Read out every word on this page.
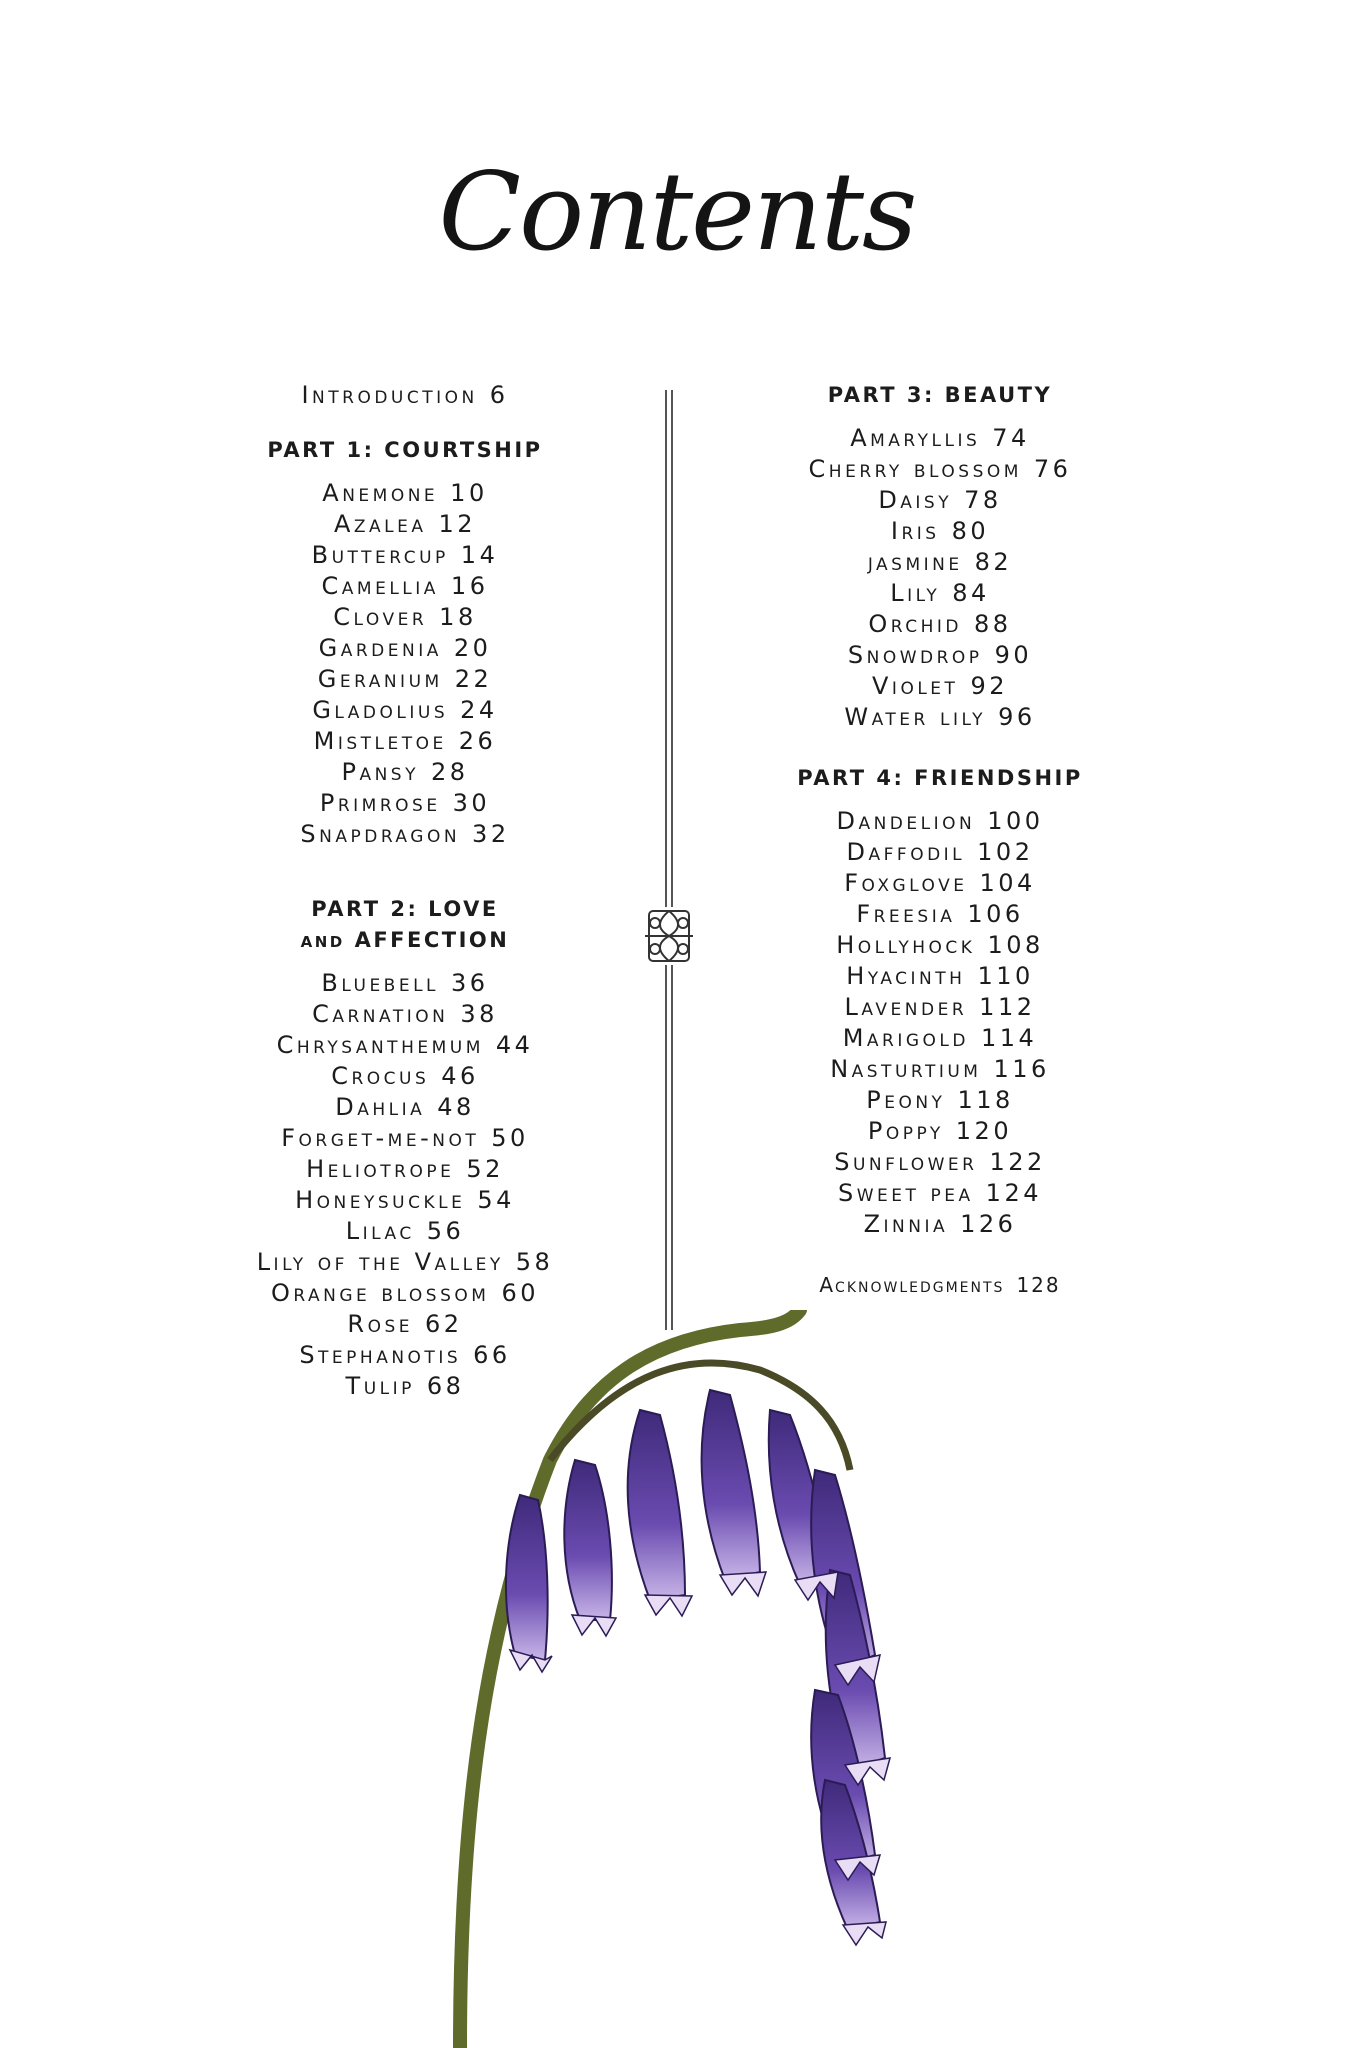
Contents
Introduction 6
PART 1: COURTSHIP
Anemone 10
Azalea 12
Buttercup 14
Camellia 16
Clover 18
Gardenia 20
Geranium 22
Gladolius 24
Mistletoe 26
Pansy 28
Primrose 30
Snapdragon 32
PART 2: LOVE
and AFFECTION
Bluebell 36
Carnation 38
Chrysanthemum 44
Crocus 46
Dahlia 48
Forget-me-not 50
Heliotrope 52
Honeysuckle 54
Lilac 56
Lily of the Valley 58
Orange blossom 60
Rose 62
Stephanotis 66
Tulip 68
PART 3: BEAUTY
Amaryllis 74
Cherry blossom 76
Daisy 78
Iris 80
jasmine 82
Lily 84
Orchid 88
Snowdrop 90
Violet 92
Water lily 96
PART 4: FRIENDSHIP
Dandelion 100
Daffodil 102
Foxglove 104
Freesia 106
Hollyhock 108
Hyacinth 110
Lavender 112
Marigold 114
Nasturtium 116
Peony 118
Poppy 120
Sunflower 122
Sweet pea 124
Zinnia 126
Acknowledgments 128
